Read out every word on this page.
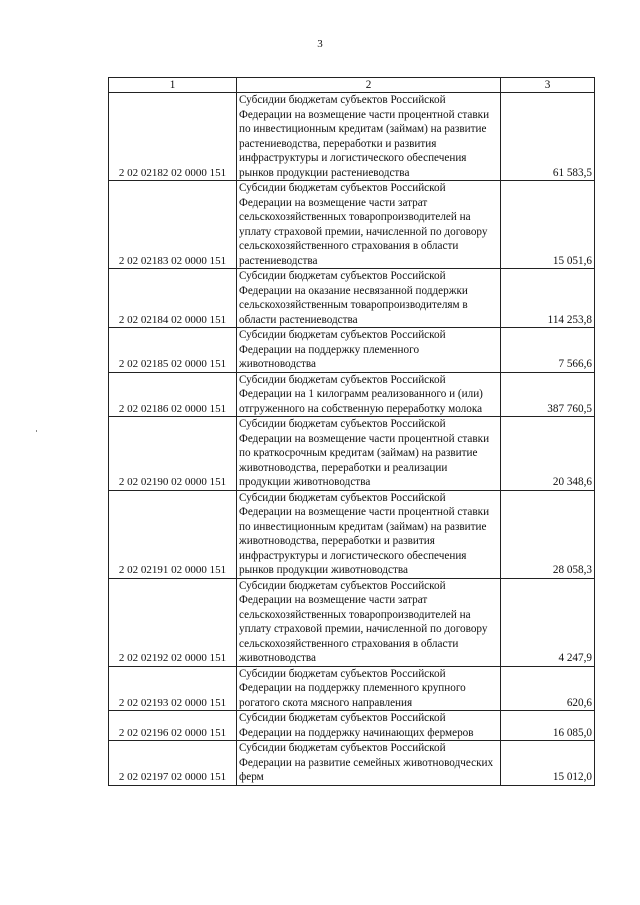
3
1	2	3
2 02 02182 02 0000 151	Субсидии бюджетам субъектов Российской Федерации на возмещение части процентной ставки по инвестиционным кредитам (займам) на развитие растениеводства, переработки и развития инфраструктуры и логистического обеспечения рынков продукции растениеводства	61 583,5
2 02 02183 02 0000 151	Субсидии бюджетам субъектов Российской Федерации на возмещение части затрат сельскохозяйственных товаропроизводителей на уплату страховой премии, начисленной по договору сельскохозяйственного страхования в области растениеводства	15 051,6
2 02 02184 02 0000 151	Субсидии бюджетам субъектов Российской Федерации на оказание несвязанной поддержки сельскохозяйственным товаропроизводителям в области растениеводства	114 253,8
2 02 02185 02 0000 151	Субсидии бюджетам субъектов Российской Федерации на поддержку племенного животноводства	7 566,6
2 02 02186 02 0000 151	Субсидии бюджетам субъектов Российской Федерации на 1 килограмм реализованного и (или) отгруженного на собственную переработку молока	387 760,5
2 02 02190 02 0000 151	Субсидии бюджетам субъектов Российской Федерации на возмещение части процентной ставки по краткосрочным кредитам (займам) на развитие животноводства, переработки и реализации продукции животноводства	20 348,6
2 02 02191 02 0000 151	Субсидии бюджетам субъектов Российской Федерации на возмещение части процентной ставки по инвестиционным кредитам (займам) на развитие животноводства, переработки и развития инфраструктуры и логистического обеспечения рынков продукции животноводства	28 058,3
2 02 02192 02 0000 151	Субсидии бюджетам субъектов Российской Федерации на возмещение части затрат сельскохозяйственных товаропроизводителей на уплату страховой премии, начисленной по договору сельскохозяйственного страхования в области животноводства	4 247,9
2 02 02193 02 0000 151	Субсидии бюджетам субъектов Российской Федерации на поддержку племенного крупного рогатого скота мясного направления	620,6
2 02 02196 02 0000 151	Субсидии бюджетам субъектов Российской Федерации на поддержку начинающих фермеров	16 085,0
2 02 02197 02 0000 151	Субсидии бюджетам субъектов Российской Федерации на развитие семейных животноводческих ферм	15 012,0
